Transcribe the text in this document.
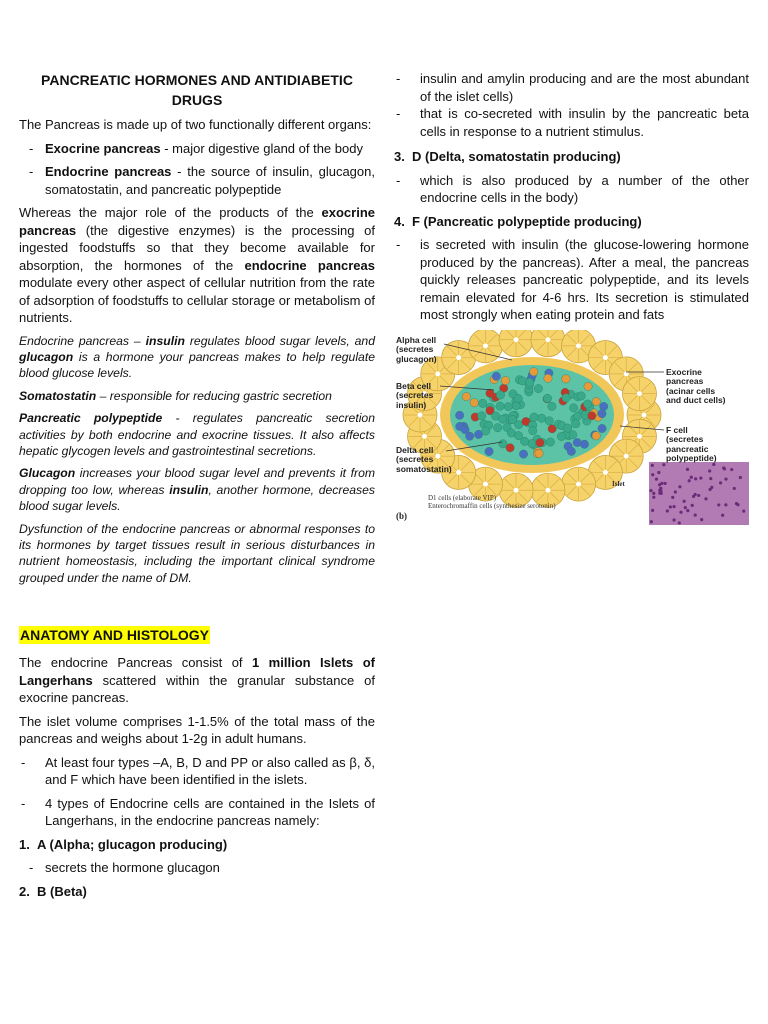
PANCREATIC HORMONES AND ANTIDIABETIC DRUGS

The Pancreas is made up of two functionally different organs:

- Exocrine pancreas - major digestive gland of the body
- Endocrine pancreas - the source of insulin, glucagon, somatostatin, and pancreatic polypeptide

Whereas the major role of the products of the exocrine pancreas (the digestive enzymes) is the processing of ingested foodstuffs so that they become available for absorption, the hormones of the endocrine pancreas modulate every other aspect of cellular nutrition from the rate of adsorption of foodstuffs to cellular storage or metabolism of nutrients.

Endocrine pancreas – insulin regulates blood sugar levels, and glucagon is a hormone your pancreas makes to help regulate blood glucose levels.

Somatostatin – responsible for reducing gastric secretion

Pancreatic polypeptide - regulates pancreatic secretion activities by both endocrine and exocrine tissues. It also affects hepatic glycogen levels and gastrointestinal secretions.

Glucagon increases your blood sugar level and prevents it from dropping too low, whereas insulin, another hormone, decreases blood sugar levels.

Dysfunction of the endocrine pancreas or abnormal responses to its hormones by target tissues result in serious disturbances in nutrient homeostasis, including the important clinical syndrome grouped under the name of DM.

ANATOMY AND HISTOLOGY

The endocrine Pancreas consist of 1 million Islets of Langerhans scattered within the granular substance of exocrine pancreas.

The islet volume comprises 1-1.5% of the total mass of the pancreas and weighs about 1-2g in adult humans.

- At least four types –A, B, D and PP or also called as β, δ, and F which have been identified in the islets.
- 4 types of Endocrine cells are contained in the Islets of Langerhans, in the endocrine pancreas namely:
1. A (Alpha; glucagon producing)
- secrets the hormone glucagon
2. B (Beta)
- insulin and amylin producing and are the most abundant of the islet cells)
- that is co-secreted with insulin by the pancreatic beta cells in response to a nutrient stimulus.
3. D (Delta, somatostatin producing)
- which is also produced by a number of the other endocrine cells in the body)
4. F (Pancreatic polypeptide producing)
- is secreted with insulin (the glucose-lowering hormone produced by the pancreas). After a meal, the pancreas quickly releases pancreatic polypeptide, and its levels remain elevated for 4-6 hrs. Its secretion is stimulated most strongly when eating protein and fats
Alpha cell
(secretes
glucagon)
Beta cell
(secretes
insulin)
Delta cell
(secretes
somatostatin)
Exocrine
pancreas
(acinar cells
and duct cells)
F cell
(secretes
pancreatic
polypeptide)
Islet
D1 cells (elaborate VIP)
Enterochromaffin cells (synthesize serotonin)
(b)
